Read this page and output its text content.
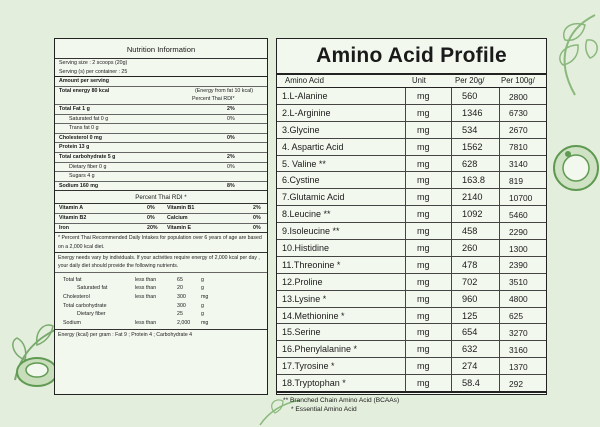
Nutrition Information
Serving size : 2 scoops (20g)
Serving (s) per container : 25
Amount per serving
Total energy 80 kcal	(Energy from fat 10 kcal)
Percent Thai RDI*
Total Fat 1 g	2%
Saturated fat 0 g	0%
Trans fat 0 g
Cholesterol 0 mg	0%
Protein 13 g
Total carbohydrate 5 g	2%
Dietary fiber 0 g	0%
Sugars 4 g
Sodium 160 mg	8%
Percent Thai RDI *
Vitamin A	0% Vitamin B1	2%
Vitamin B2	0% Calcium	0%
Iron	20% Vitamin E	0%
* Percent Thai Recommended Daily Intakes for population over 6 years of age are based on a 2,000 kcal diet.
Energy needs vary by individuals. If your activities require energy of 2,000 kcal per day , your daily diet should provide the following nutrients.
Total fat	less than	65	g
Saturated fat	less than	20	g
Cholesterol	less than	300	mg
Total carbohydrate	300	g
Dietary fiber	25	g
Sodium	less than	2,000 mg
Energy (kcal) per gram : Fat 9 ; Protein 4 ; Carbohydrate 4
Amino Acid Profile
Amino Acid	Unit	Per 20g/ Per 100g/
1.L-Alanine	mg	560	2800
2.L-Arginine	mg	1346	6730
3.Glycine	mg	534	2670
4. Aspartic Acid	mg	1562	7810
5. Valine **	mg	628	3140
6.Cystine	mg	163.8	819
7.Glutamic Acid	mg	2140	10700
8.Leucine **	mg	1092	5460
9.Isoleucine **	mg	458	2290
10.Histidine	mg	260	1300
11.Threonine *	mg	478	2390
12.Proline	mg	702	3510
13.Lysine *	mg	960	4800
14.Methionine *	mg	125	625
15.Serine	mg	654	3270
16.Phenylalanine *	mg	632	3160
17.Tyrosine *	mg	274	1370
18.Tryptophan *	mg	58.4	292
** Branched Chain Amino Acid (BCAAs)
* Essential Amino Acid
